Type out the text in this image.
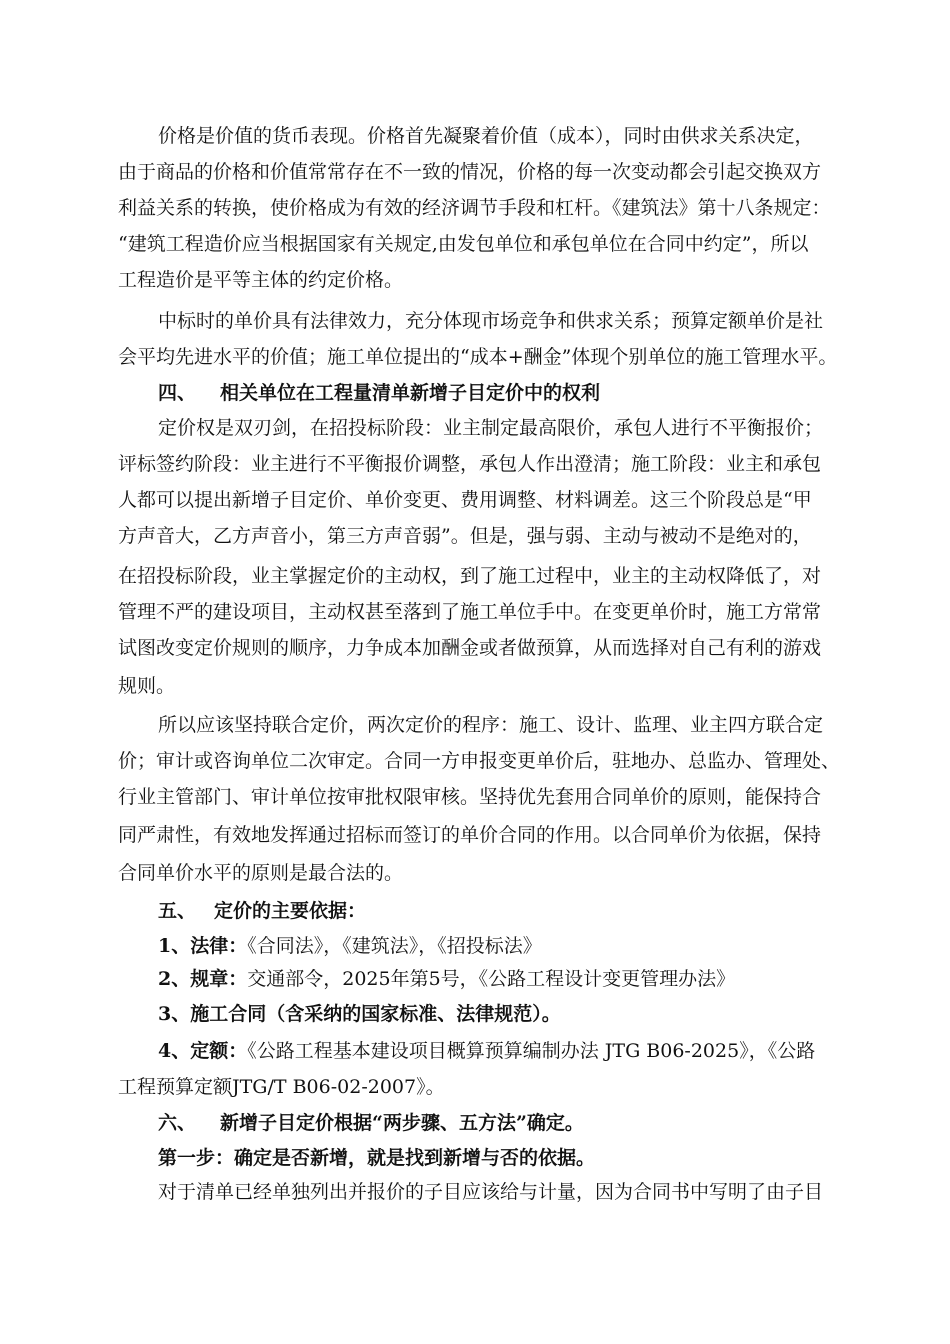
价格是价值的货币表现。价格首先凝聚着价值（成本），同时由供求关系决定，
由于商品的价格和价值常常存在不一致的情况，价格的每一次变动都会引起交换双方
利益关系的转换，使价格成为有效的经济调节手段和杠杆。《建筑法》第十八条规定：
“建筑工程造价应当根据国家有关规定,由发包单位和承包单位在合同中约定”，所以
工程造价是平等主体的约定价格。
中标时的单价具有法律效力，充分体现市场竞争和供求关系；预算定额单价是社
会平均先进水平的价值；施工单位提出的“成本+酬金”体现个别单位的施工管理水平。
四、 相关单位在工程量清单新增子目定价中的权利
定价权是双刃剑，在招投标阶段：业主制定最高限价，承包人进行不平衡报价；
评标签约阶段：业主进行不平衡报价调整，承包人作出澄清；施工阶段：业主和承包
人都可以提出新增子目定价、单价变更、费用调整、材料调差。这三个阶段总是“甲
方声音大，乙方声音小，第三方声音弱”。但是，强与弱、主动与被动不是绝对的，
在招投标阶段，业主掌握定价的主动权，到了施工过程中，业主的主动权降低了，对
管理不严的建设项目，主动权甚至落到了施工单位手中。在变更单价时，施工方常常
试图改变定价规则的顺序，力争成本加酬金或者做预算，从而选择对自己有利的游戏
规则。
所以应该坚持联合定价，两次定价的程序：施工、设计、监理、业主四方联合定
价；审计或咨询单位二次审定。合同一方申报变更单价后，驻地办、总监办、管理处、
行业主管部门、审计单位按审批权限审核。坚持优先套用合同单价的原则，能保持合
同严肃性，有效地发挥通过招标而签订的单价合同的作用。以合同单价为依据，保持
合同单价水平的原则是最合法的。
五、 定价的主要依据：
1、法律：《合同法》，《建筑法》，《招投标法》
2、规章：交通部令，2025年第5号，《公路工程设计变更管理办法》
3、施工合同（含采纳的国家标准、法律规范）。
4、定额：《公路工程基本建设项目概算预算编制办法 JTG B06-2025》，《公路
工程预算定额JTG/T B06-02-2007》。
六、 新增子目定价根据“两步骤、五方法”确定。
第一步：确定是否新增，就是找到新增与否的依据。
对于清单已经单独列出并报价的子目应该给与计量，因为合同书中写明了由子目
